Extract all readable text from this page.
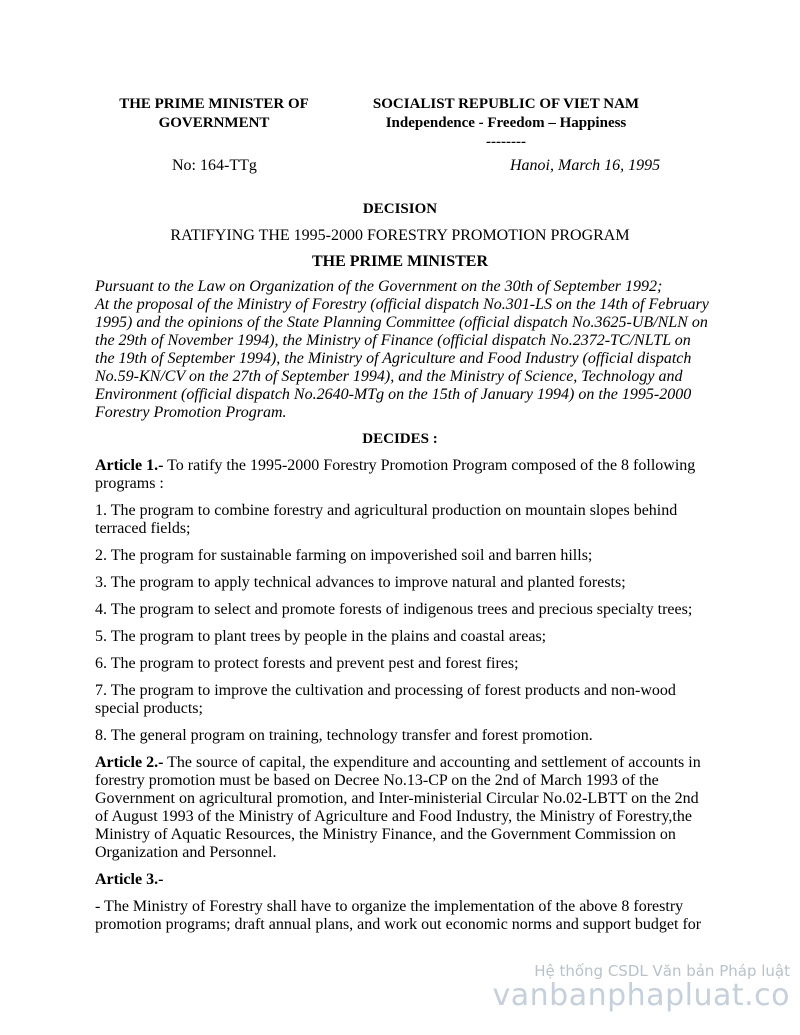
THE PRIME MINISTER OF
GOVERNMENT
SOCIALIST REPUBLIC OF VIET NAM
Independence - Freedom – Happiness
--------
No: 164-TTg	Hanoi, March 16, 1995
DECISION
RATIFYING THE 1995-2000 FORESTRY PROMOTION PROGRAM
THE PRIME MINISTER
Pursuant to the Law on Organization of the Government on the 30th of September 1992;
At the proposal of the Ministry of Forestry (official dispatch No.301-LS on the 14th of February 1995) and the opinions of the State Planning Committee (official dispatch No.3625-UB/NLN on the 29th of November 1994), the Ministry of Finance (official dispatch No.2372-TC/NLTL on the 19th of September 1994), the Ministry of Agriculture and Food Industry (official dispatch No.59-KN/CV on the 27th of September 1994), and the Ministry of Science, Technology and Environment (official dispatch No.2640-MTg on the 15th of January 1994) on the 1995-2000 Forestry Promotion Program.
DECIDES :

Article 1.- To ratify the 1995-2000 Forestry Promotion Program composed of the 8 following programs :

1. The program to combine forestry and agricultural production on mountain slopes behind terraced fields;

2. The program for sustainable farming on impoverished soil and barren hills;

3. The program to apply technical advances to improve natural and planted forests;

4. The program to select and promote forests of indigenous trees and precious specialty trees;

5. The program to plant trees by people in the plains and coastal areas;

6. The program to protect forests and prevent pest and forest fires;

7. The program to improve the cultivation and processing of forest products and non-wood special products;

8. The general program on training, technology transfer and forest promotion.

Article 2.- The source of capital, the expenditure and accounting and settlement of accounts in forestry promotion must be based on Decree No.13-CP on the 2nd of March 1993 of the Government on agricultural promotion, and Inter-ministerial Circular No.02-LBTT on the 2nd of August 1993 of the Ministry of Agriculture and Food Industry, the Ministry of Forestry,the Ministry of Aquatic Resources, the Ministry Finance, and the Government Commission on Organization and Personnel.

Article 3.-

- The Ministry of Forestry shall have to organize the implementation of the above 8 forestry promotion programs; draft annual plans, and work out economic norms and support budget for

Hệ thống CSDL Văn bản Pháp luật
vanbanphapluat.co
